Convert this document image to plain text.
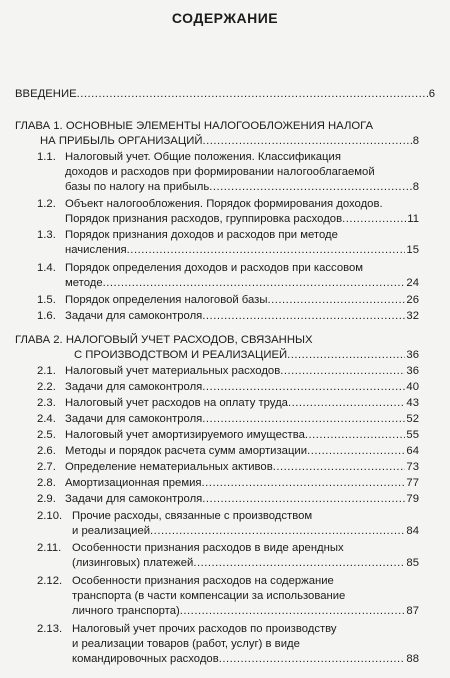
СОДЕРЖАНИЕ
ВВЕДЕНИЕ .....	6
ГЛАВА 1. ОСНОВНЫЕ ЭЛЕМЕНТЫ НАЛОГООБЛОЖЕНИЯ НАЛОГА
НА ПРИБЫЛЬ ОРГАНИЗАЦИЙ .....	8
1.1. Налоговый учет. Общие положения. Классификация
доходов и расходов при формировании налогооблагаемой
базы по налогу на прибыль .....	8
1.2. Объект налогообложения. Порядок формирования доходов.
Порядок признания расходов, группировка расходов .....	11
1.3. Порядок признания доходов и расходов при методе
начисления .....	15
1.4. Порядок определения доходов и расходов при кассовом
методе .....	24
1.5. Порядок определения налоговой базы .....	26
1.6. Задачи для самоконтроля .....	32
ГЛАВА 2. НАЛОГОВЫЙ УЧЕТ РАСХОДОВ, СВЯЗАННЫХ
С ПРОИЗВОДСТВОМ И РЕАЛИЗАЦИЕЙ .....	36
2.1. Налоговый учет материальных расходов .....	36
2.2. Задачи для самоконтроля .....	40
2.3. Налоговый учет расходов на оплату труда .....	43
2.4. Задачи для самоконтроля .....	52
2.5. Налоговый учет амортизируемого имущества .....	55
2.6. Методы и порядок расчета сумм амортизации .....	64
2.7. Определение нематериальных активов .....	73
2.8. Амортизационная премия .....	77
2.9. Задачи для самоконтроля .....	79
2.10. Прочие расходы, связанные с производством
и реализацией .....	84
2.11. Особенности признания расходов в виде арендных
(лизинговых) платежей .....	85
2.12. Особенности признания расходов на содержание
транспорта (в части компенсации за использование
личного транспорта) .....	87
2.13. Налоговый учет прочих расходов по производству
и реализации товаров (работ, услуг) в виде
командировочных расходов .....	88
